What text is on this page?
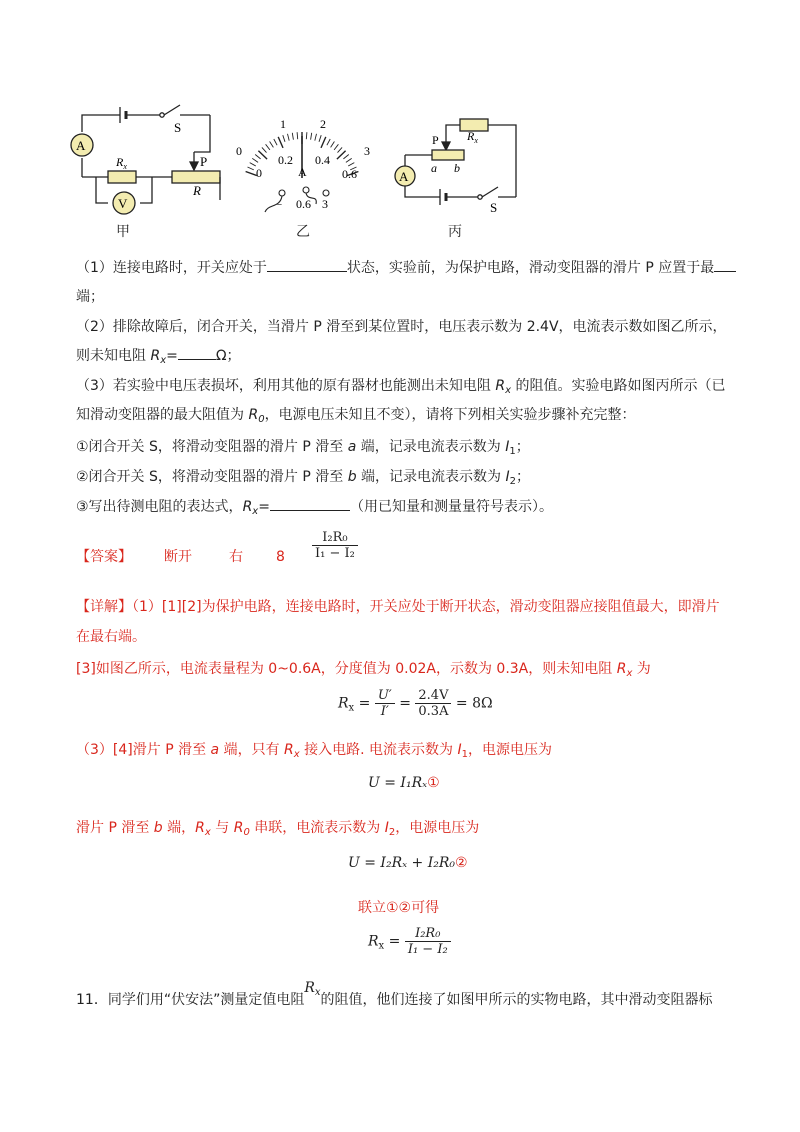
A
V
S
P
R
$R_x$
0
1	2
3
0
0.2 0.4
0.6
A
− 0.6 3
A
S
P
a b
$R_x$
甲	乙	丙
（1）连接电路时，开关应处于	状态，实验前，为保护电路，滑动变阻器的滑片 P 应置于最
端；
（2）排除故障后，闭合开关，当滑片 P 滑至到某位置时，电压表示数为 2.4V，电流表示数如图乙所示，
则未知电阻 $R_x=$	Ω；
（3）若实验中电压表损坏，利用其他的原有器材也能测出未知电阻 $R_x$ 的阻值。实验电路如图丙所示（已
知滑动变阻器的最大阻值为 $R_0$，电源电压未知且不变），请将下列相关实验步骤补充完整：
①闭合开关 S，将滑动变阻器的滑片 P 滑至 a 端，记录电流表示数为 $I_1$；
②闭合开关 S，将滑动变阻器的滑片 P 滑至 b 端，记录电流表示数为 $I_2$；
③写出待测电阻的表达式，$R_x=$	（用已知量和测量量符号表示）。
【答案】 断开	右 $8 \frac{\text{I₂R₀}}{\text{I₁ − I₂}}$
【详解】（1）[1][2]为保护电路，连接电路时，开关应处于断开状态，滑动变阻器应接阻值最大，即滑片
在最右端。
[3]如图乙所示，电流表量程为 0~0.6A，分度值为 0.02A，示数为 0.3A，则未知电阻 $R_x$ 为
$R_x = \frac{U'}{I'} = \frac{2.4V}{0.3A} = 8\Omega$
（3）[4]滑片 P 滑至 a 端，只有 $R_x$ 接入电路. 电流表示数为 $I_1$，电源电压为
U = I₁Rₓ①
滑片 P 滑至 b 端，$R_x$ 与 $R_0$ 串联，电流表示数为 $I_2$，电源电压为
U = I₂Rₓ + I₂R₀②
联立①②可得
$R_x = \frac{\text{I₂R₀}}{\text{I₁ − I₂}}$
11．同学们用“伏安法”测量定值电阻$R^x$的阻值，他们连接了如图甲所示的实物电路，其中滑动变阻器标
